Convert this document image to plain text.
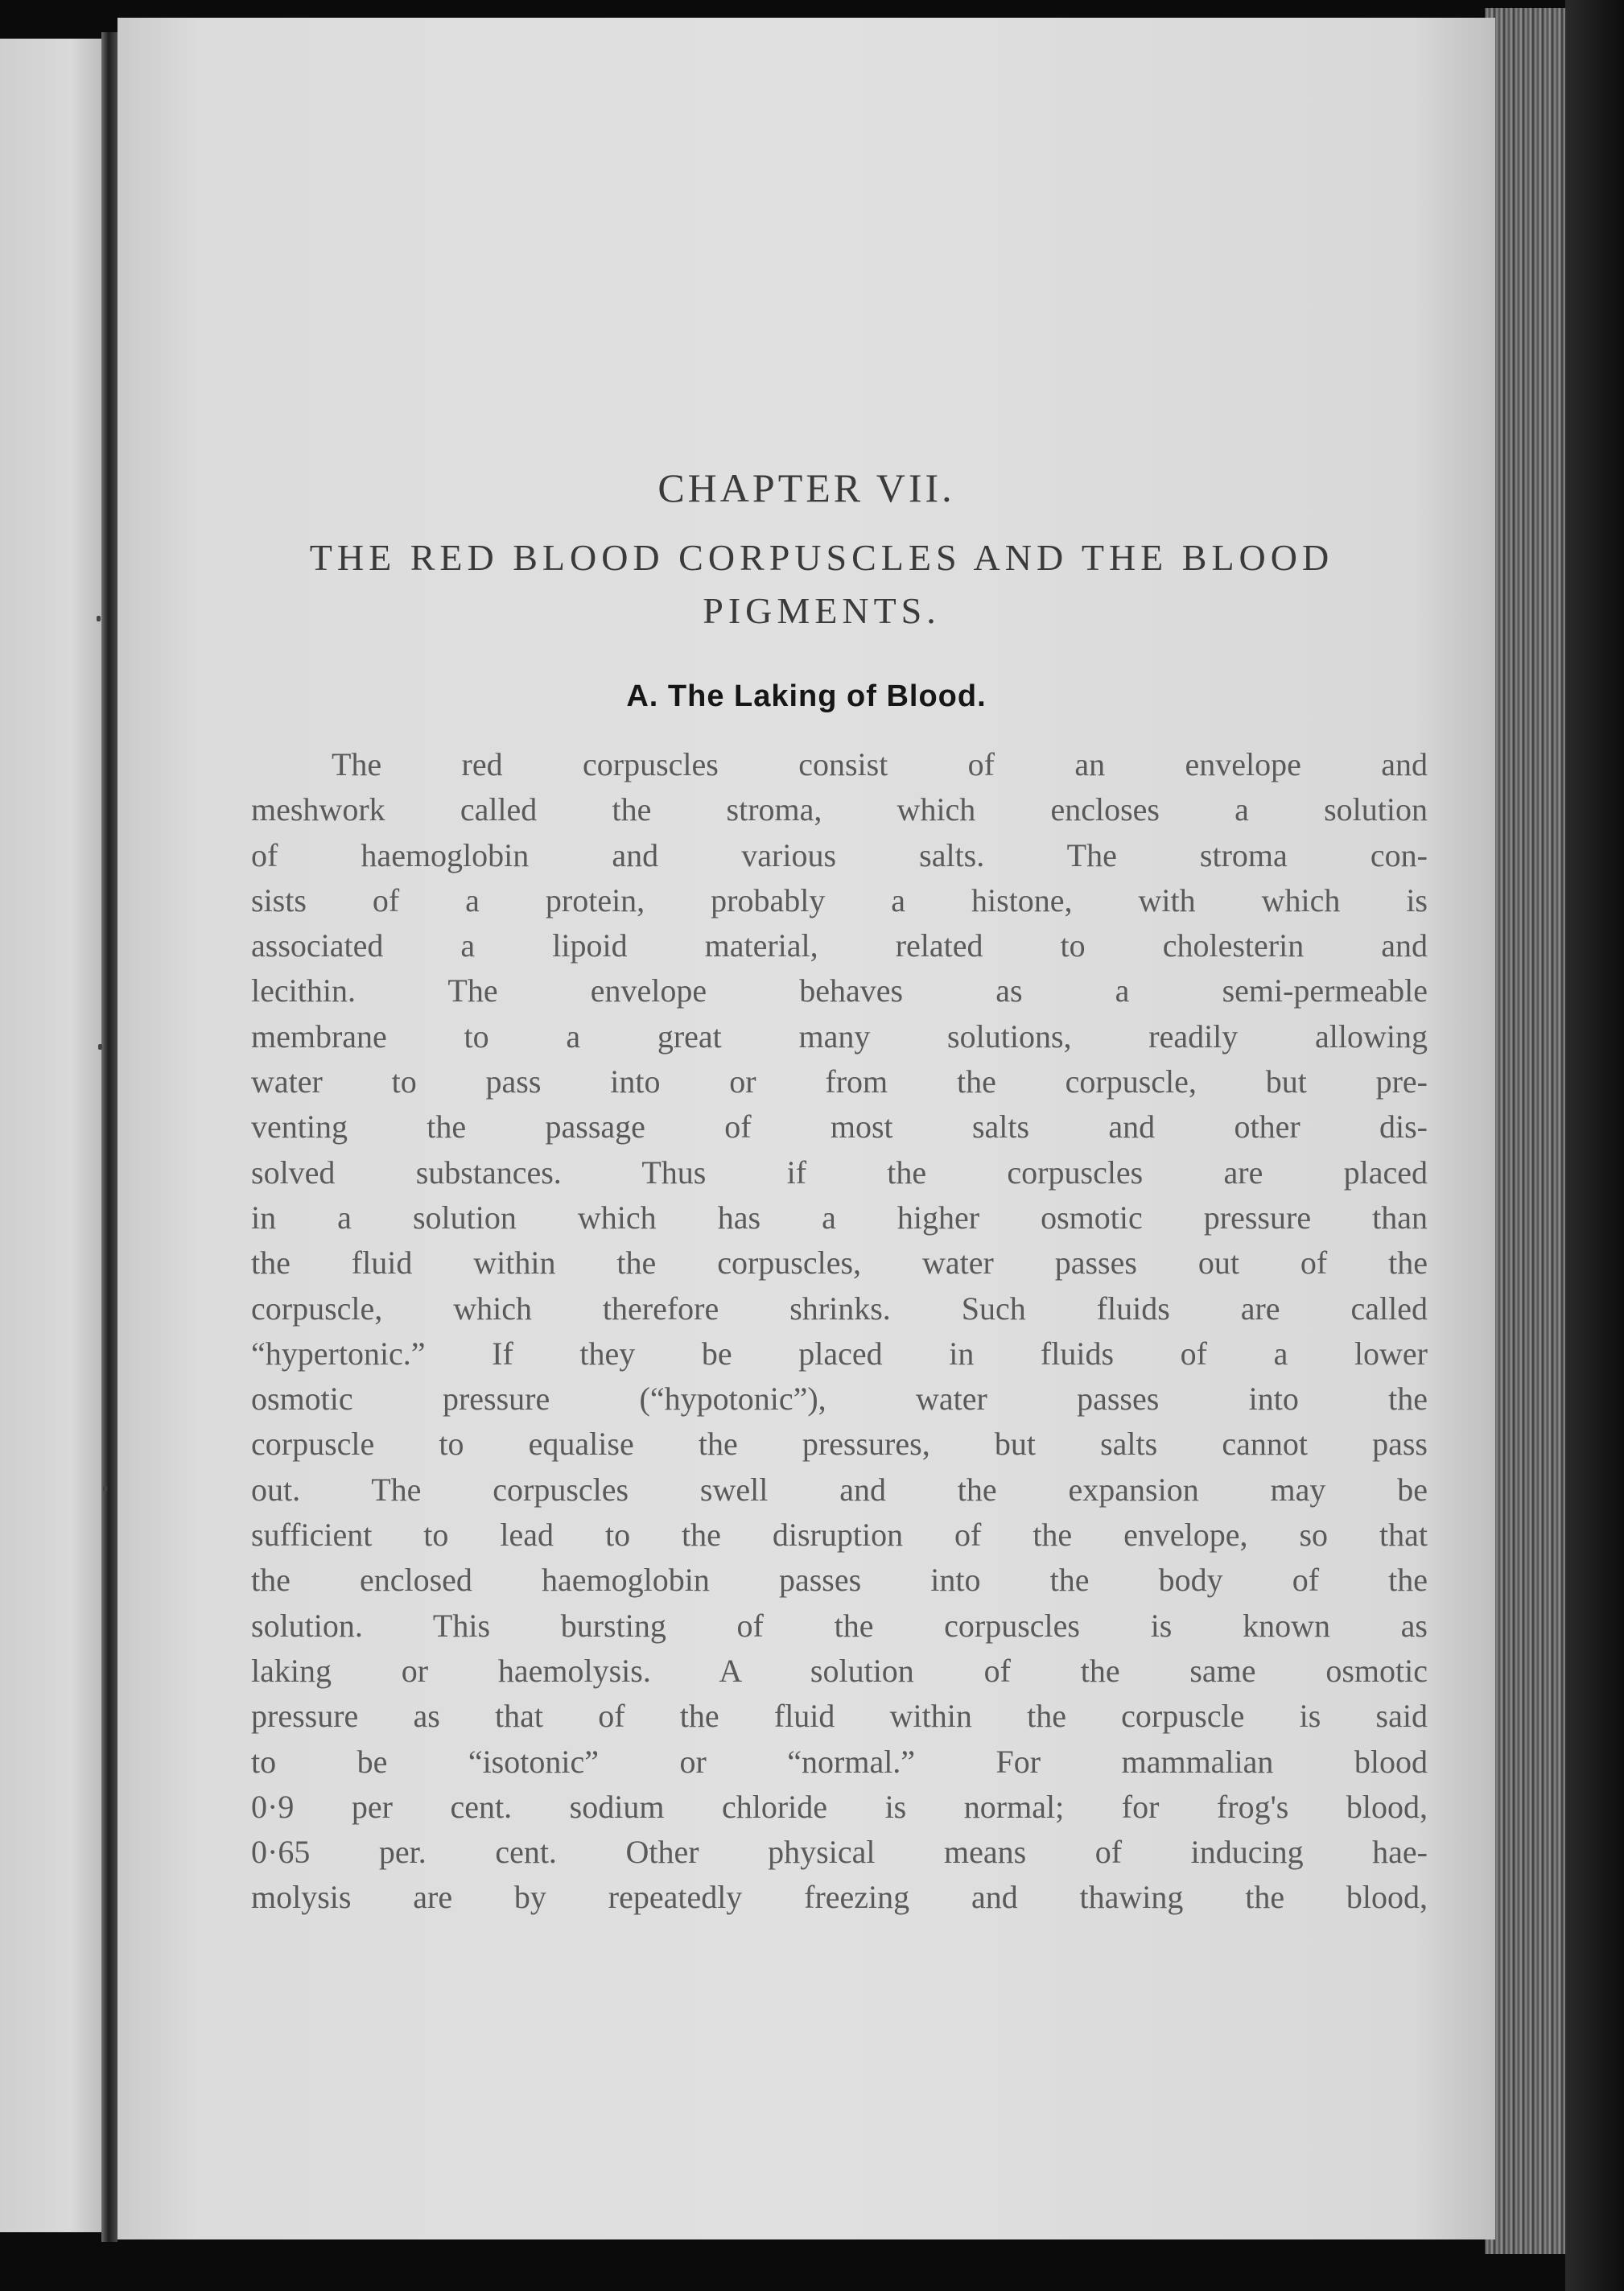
CHAPTER VII.
THE RED BLOOD CORPUSCLES AND THE BLOOD PIGMENTS.
A. The Laking of Blood.
The red corpuscles consist of an envelope and
meshwork called the stroma, which encloses a solution
of haemoglobin and various salts. The stroma con-
sists of a protein, probably a histone, with which is
associated a lipoid material, related to cholesterin and
lecithin. The envelope behaves as a semi-permeable
membrane to a great many solutions, readily allowing
water to pass into or from the corpuscle, but pre-
venting the passage of most salts and other dis-
solved substances. Thus if the corpuscles are placed
in a solution which has a higher osmotic pressure than
the fluid within the corpuscles, water passes out of the
corpuscle, which therefore shrinks. Such fluids are called
“hypertonic.” If they be placed in fluids of a lower
osmotic pressure (“hypotonic”), water passes into the
corpuscle to equalise the pressures, but salts cannot pass
out. The corpuscles swell and the expansion may be
sufficient to lead to the disruption of the envelope, so that
the enclosed haemoglobin passes into the body of the
solution. This bursting of the corpuscles is known as
laking or haemolysis. A solution of the same osmotic
pressure as that of the fluid within the corpuscle is said
to be “isotonic” or “normal.” For mammalian blood
0·9 per cent. sodium chloride is normal; for frog's blood,
0·65 per. cent. Other physical means of inducing hae-
molysis are by repeatedly freezing and thawing the blood,
